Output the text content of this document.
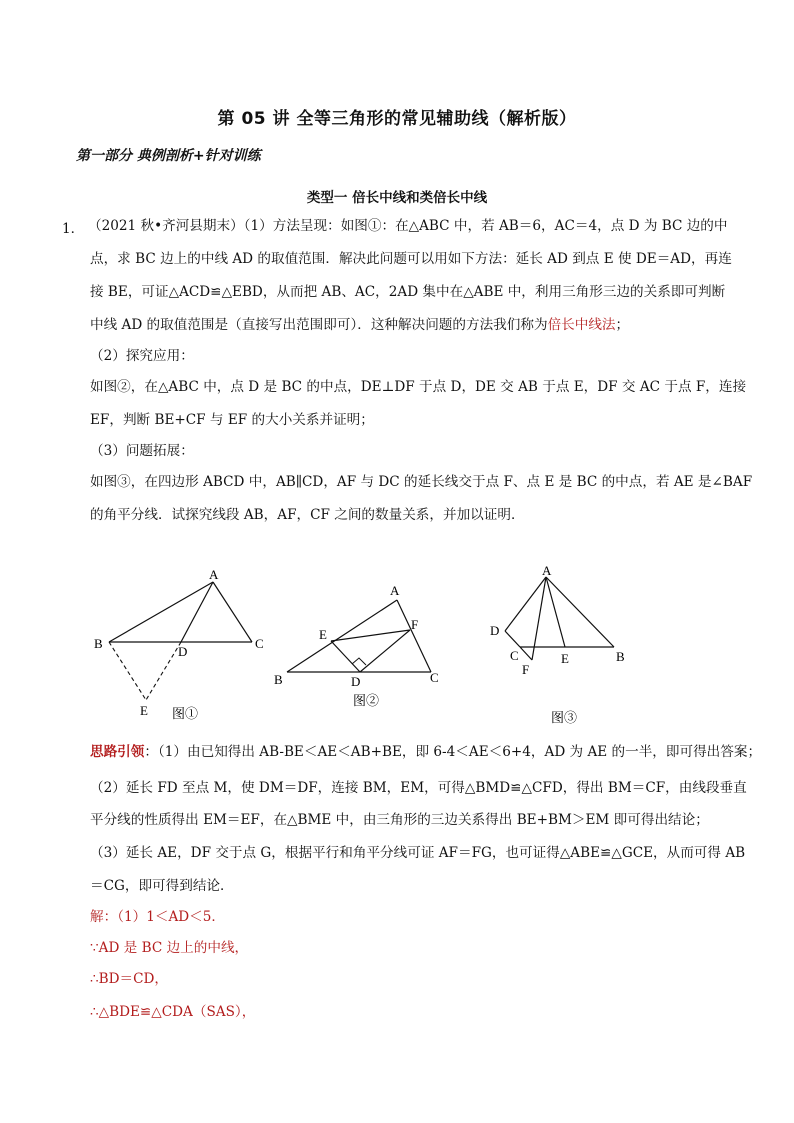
第 05 讲 全等三角形的常见辅助线（解析版）
第一部分 典例剖析+针对训练
类型一 倍长中线和类倍长中线
1． （2021 秋•齐河县期末）（1）方法呈现：如图①：在△ABC 中，若 AB＝6，AC＝4，点 D 为 BC 边的中
点，求 BC 边上的中线 AD 的取值范围．解决此问题可以用如下方法：延长 AD 到点 E 使 DE＝AD，再连
接 BE，可证△ACD≌△EBD，从而把 AB、AC，2AD 集中在△ABE 中，利用三角形三边的关系即可判断
中线 AD 的取值范围是（直接写出范围即可）．这种解决问题的方法我们称为倍长中线法；
（2）探究应用：
如图②，在△ABC 中，点 D 是 BC 的中点，DE⊥DF 于点 D，DE 交 AB 于点 E，DF 交 AC 于点 F，连接
EF，判断 BE+CF 与 EF 的大小关系并证明；
（3）问题拓展：
如图③，在四边形 ABCD 中，AB∥CD，AF 与 DC 的延长线交于点 F、点 E 是 BC 的中点，若 AE 是∠BAF
的角平分线．试探究线段 AB，AF，CF 之间的数量关系，并加以证明．
A
B	C
D
E 图①
A
B	C
D
E
F
图②
A
B
C
D
E
F
图③
思路引领：（1）由已知得出 AB-BE＜AE＜AB+BE，即 6-4＜AE＜6+4，AD 为 AE 的一半，即可得出答案；
（2）延长 FD 至点 M，使 DM＝DF，连接 BM，EM，可得△BMD≌△CFD，得出 BM＝CF，由线段垂直
平分线的性质得出 EM＝EF，在△BME 中，由三角形的三边关系得出 BE+BM＞EM 即可得出结论；
（3）延长 AE，DF 交于点 G，根据平行和角平分线可证 AF＝FG，也可证得△ABE≌△GCE，从而可得 AB
＝CG，即可得到结论．
解：（1）1＜AD＜5．
∵AD 是 BC 边上的中线，
∴BD＝CD，
∴△BDE≌△CDA（SAS），
